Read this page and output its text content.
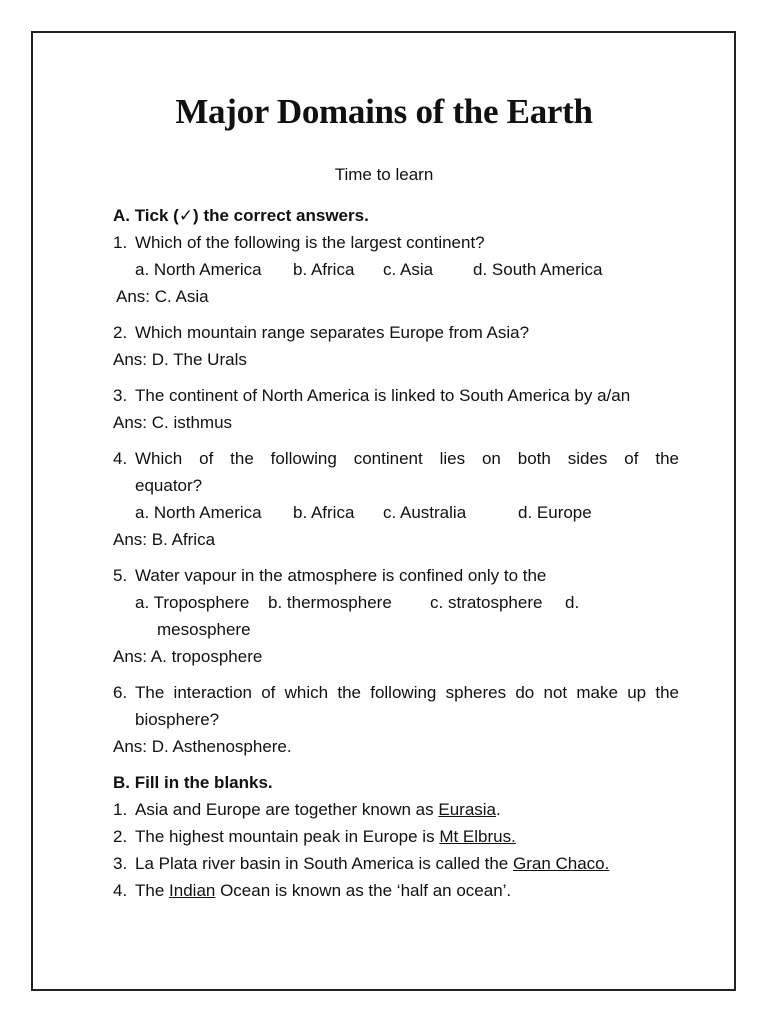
Major Domains of the Earth
Time to learn
A. Tick (✓) the correct answers.
1. Which of the following is the largest continent?
a. North America	b. Africa	c. Asia	d. South America
Ans: C. Asia
2. Which mountain range separates Europe from Asia?
Ans: D. The Urals
3. The continent of North America is linked to South America by a/an
Ans: C. isthmus
4. Which of the following continent lies on both sides of the
equator?
a. North America	b. Africa	c. Australia	d. Europe
Ans: B. Africa
5. Water vapour in the atmosphere is confined only to the
a. Troposphere	b. thermosphere	c. stratosphere	d.
mesosphere
Ans: A. troposphere
6. The interaction of which the following spheres do not make up the
biosphere?
Ans: D. Asthenosphere.
B. Fill in the blanks.
1. Asia and Europe are together known as Eurasia.
2. The highest mountain peak in Europe is Mt Elbrus.
3. La Plata river basin in South America is called the Gran Chaco.
4. The Indian Ocean is known as the ‘half an ocean’.
